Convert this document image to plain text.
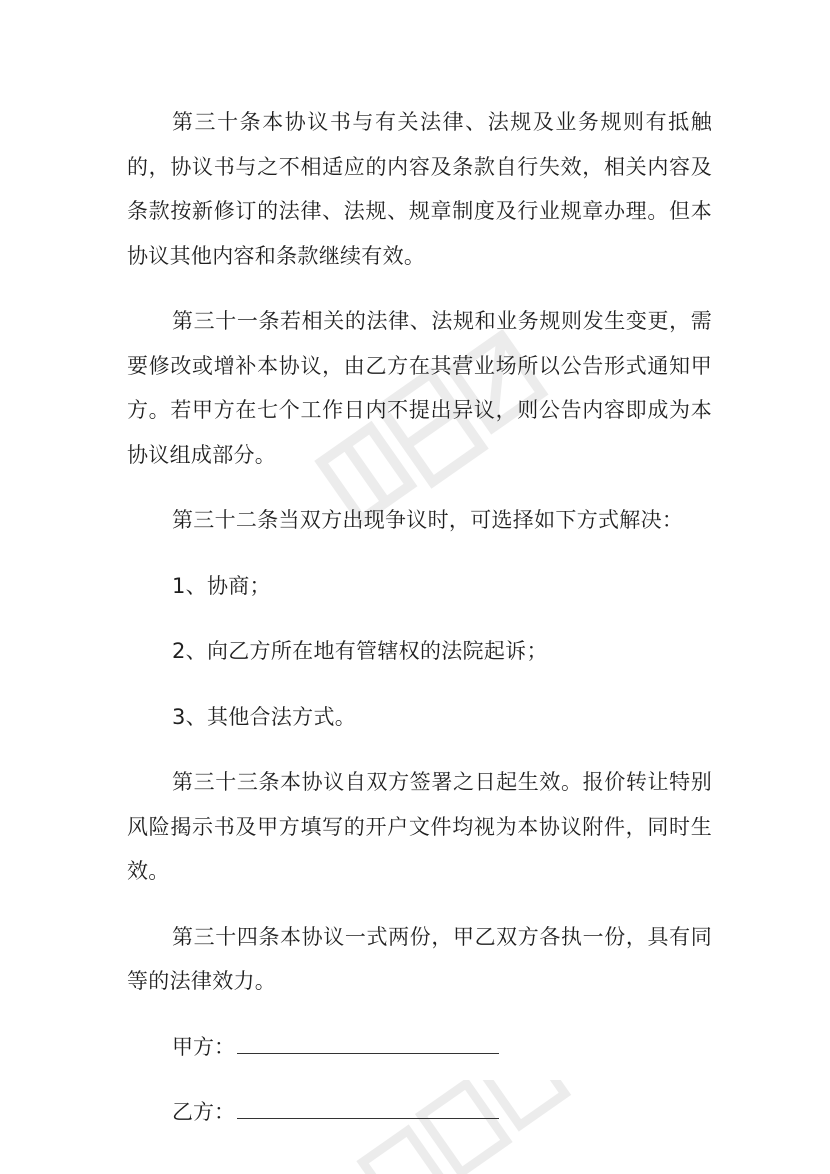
第三十条本协议书与有关法律、法规及业务规则有抵触的，协议书与之不相适应的内容及条款自行失效，相关内容及条款按新修订的法律、法规、规章制度及行业规章办理。但本协议其他内容和条款继续有效。

第三十一条若相关的法律、法规和业务规则发生变更，需要修改或增补本协议，由乙方在其营业场所以公告形式通知甲方。若甲方在七个工作日内不提出异议，则公告内容即成为本协议组成部分。

第三十二条当双方出现争议时，可选择如下方式解决：

1、协商；

2、向乙方所在地有管辖权的法院起诉；

3、其他合法方式。

第三十三条本协议自双方签署之日起生效。报价转让特别风险揭示书及甲方填写的开户文件均视为本协议附件，同时生效。

第三十四条本协议一式两份，甲乙双方各执一份，具有同等的法律效力。

甲方：
乙方：
